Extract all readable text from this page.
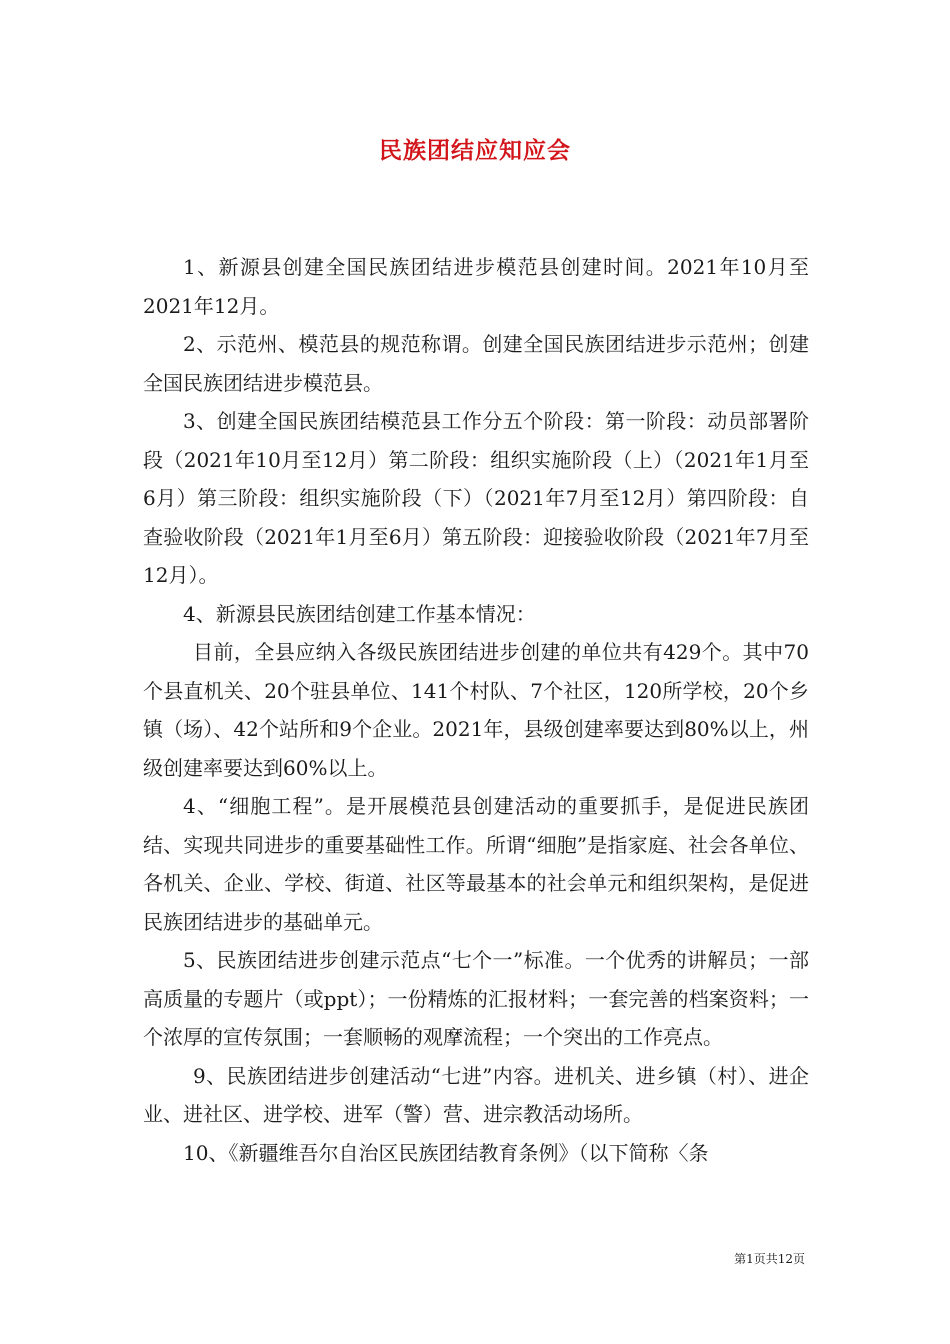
民族团结应知应会

1、新源县创建全国民族团结进步模范县创建时间。2021年10月至2021年12月。

2、示范州、模范县的规范称谓。创建全国民族团结进步示范州；创建全国民族团结进步模范县。

3、创建全国民族团结模范县工作分五个阶段：第一阶段：动员部署阶段（2021年10月至12月）第二阶段：组织实施阶段（上）（2021年1月至6月）第三阶段：组织实施阶段（下）（2021年7月至12月）第四阶段：自查验收阶段（2021年1月至6月）第五阶段：迎接验收阶段（2021年7月至12月）。

4、新源县民族团结创建工作基本情况：

目前，全县应纳入各级民族团结进步创建的单位共有429个。其中70个县直机关、20个驻县单位、141个村队、7个社区，120所学校，20个乡镇（场）、42个站所和9个企业。2021年，县级创建率要达到80%以上，州级创建率要达到60%以上。

4、“细胞工程”。是开展模范县创建活动的重要抓手，是促进民族团结、实现共同进步的重要基础性工作。所谓“细胞”是指家庭、社会各单位、各机关、企业、学校、街道、社区等最基本的社会单元和组织架构，是促进民族团结进步的基础单元。

5、民族团结进步创建示范点“七个一”标准。一个优秀的讲解员；一部高质量的专题片（或ppt）；一份精炼的汇报材料；一套完善的档案资料；一个浓厚的宣传氛围；一套顺畅的观摩流程；一个突出的工作亮点。

9、民族团结进步创建活动“七进”内容。进机关、进乡镇（村）、进企业、进社区、进学校、进军（警）营、进宗教活动场所。

10、《新疆维吾尔自治区民族团结教育条例》（以下简称〈条

第1页共12页
